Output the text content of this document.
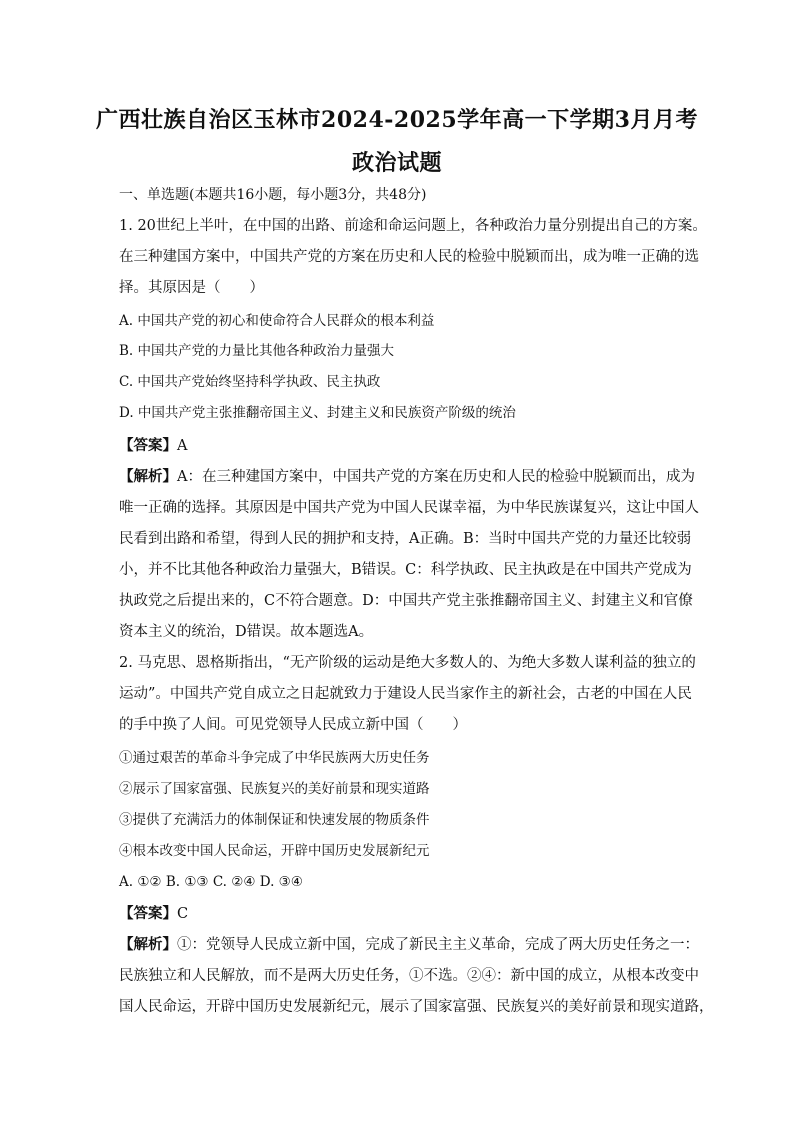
广西壮族自治区玉林市2024-2025学年高一下学期3月月考
政治试题
一、单选题(本题共16小题，每小题3分，共48分)
1. 20世纪上半叶，在中国的出路、前途和命运问题上，各种政治力量分别提出自己的方案。
在三种建国方案中，中国共产党的方案在历史和人民的检验中脱颖而出，成为唯一正确的选
择。其原因是（　　）
A. 中国共产党的初心和使命符合人民群众的根本利益
B. 中国共产党的力量比其他各种政治力量强大
C. 中国共产党始终坚持科学执政、民主执政
D. 中国共产党主张推翻帝国主义、封建主义和民族资产阶级的统治
【答案】A
【解析】A：在三种建国方案中，中国共产党的方案在历史和人民的检验中脱颖而出，成为
唯一正确的选择。其原因是中国共产党为中国人民谋幸福，为中华民族谋复兴，这让中国人
民看到出路和希望，得到人民的拥护和支持，A正确。B：当时中国共产党的力量还比较弱
小，并不比其他各种政治力量强大，B错误。C：科学执政、民主执政是在中国共产党成为
执政党之后提出来的，C不符合题意。D：中国共产党主张推翻帝国主义、封建主义和官僚
资本主义的统治，D错误。故本题选A。
2. 马克思、恩格斯指出，“无产阶级的运动是绝大多数人的、为绝大多数人谋利益的独立的
运动”。中国共产党自成立之日起就致力于建设人民当家作主的新社会，古老的中国在人民
的手中换了人间。可见党领导人民成立新中国（　　）
①通过艰苦的革命斗争完成了中华民族两大历史任务
②展示了国家富强、民族复兴的美好前景和现实道路
③提供了充满活力的体制保证和快速发展的物质条件
④根本改变中国人民命运，开辟中国历史发展新纪元
A. ①② B. ①③ C. ②④ D. ③④
【答案】C
【解析】①：党领导人民成立新中国，完成了新民主主义革命，完成了两大历史任务之一：
民族独立和人民解放，而不是两大历史任务，①不选。②④：新中国的成立，从根本改变中
国人民命运，开辟中国历史发展新纪元，展示了国家富强、民族复兴的美好前景和现实道路，
